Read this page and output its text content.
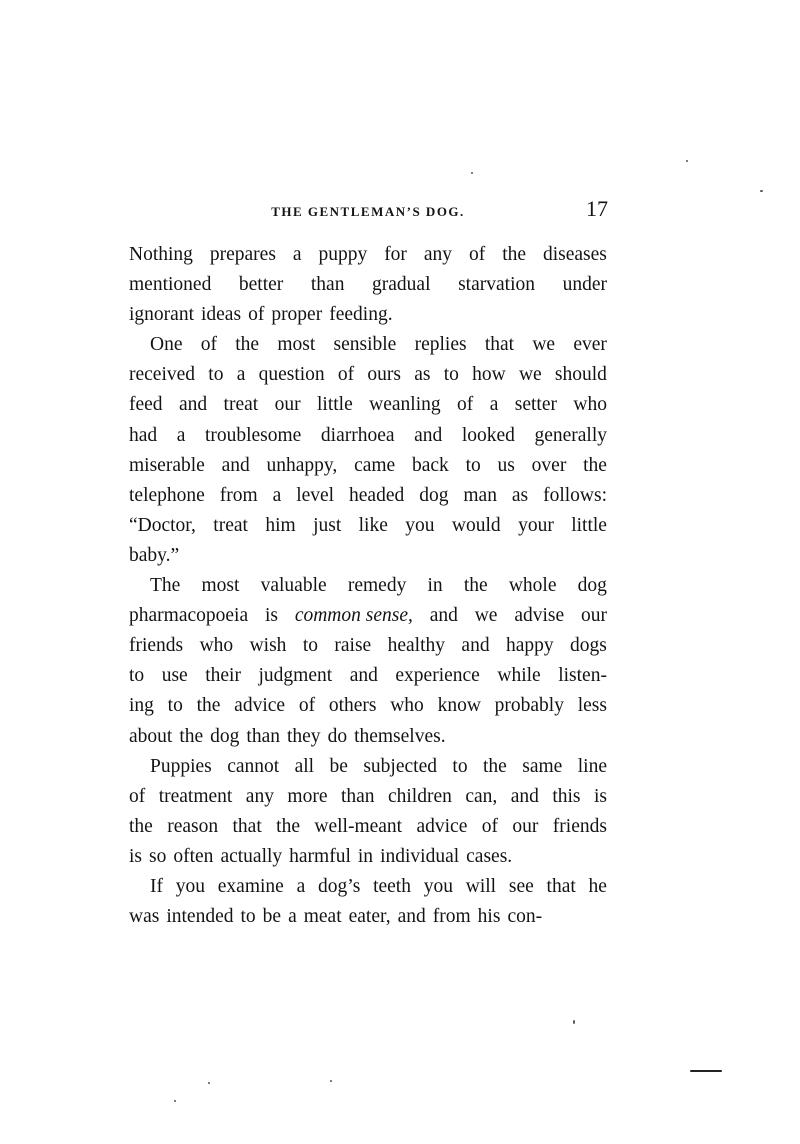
THE GENTLEMAN’S DOG.	17
Nothing prepares a puppy for any of the diseases
mentioned better than gradual starvation under
ignorant ideas of proper feeding.
One of the most sensible replies that we ever
received to a question of ours as to how we should
feed and treat our little weanling of a setter who
had a troublesome diarrhoea and looked generally
miserable and unhappy, came back to us over the
telephone from a level headed dog man as follows:
“Doctor, treat him just like you would your little
baby.”
The most valuable remedy in the whole dog
pharmacopoeia is common sense, and we advise our
friends who wish to raise healthy and happy dogs
to use their judgment and experience while listen-
ing to the advice of others who know probably less
about the dog than they do themselves.
Puppies cannot all be subjected to the same line
of treatment any more than children can, and this is
the reason that the well-meant advice of our friends
is so often actually harmful in individual cases.
If you examine a dog’s teeth you will see that he
was intended to be a meat eater, and from his con-
